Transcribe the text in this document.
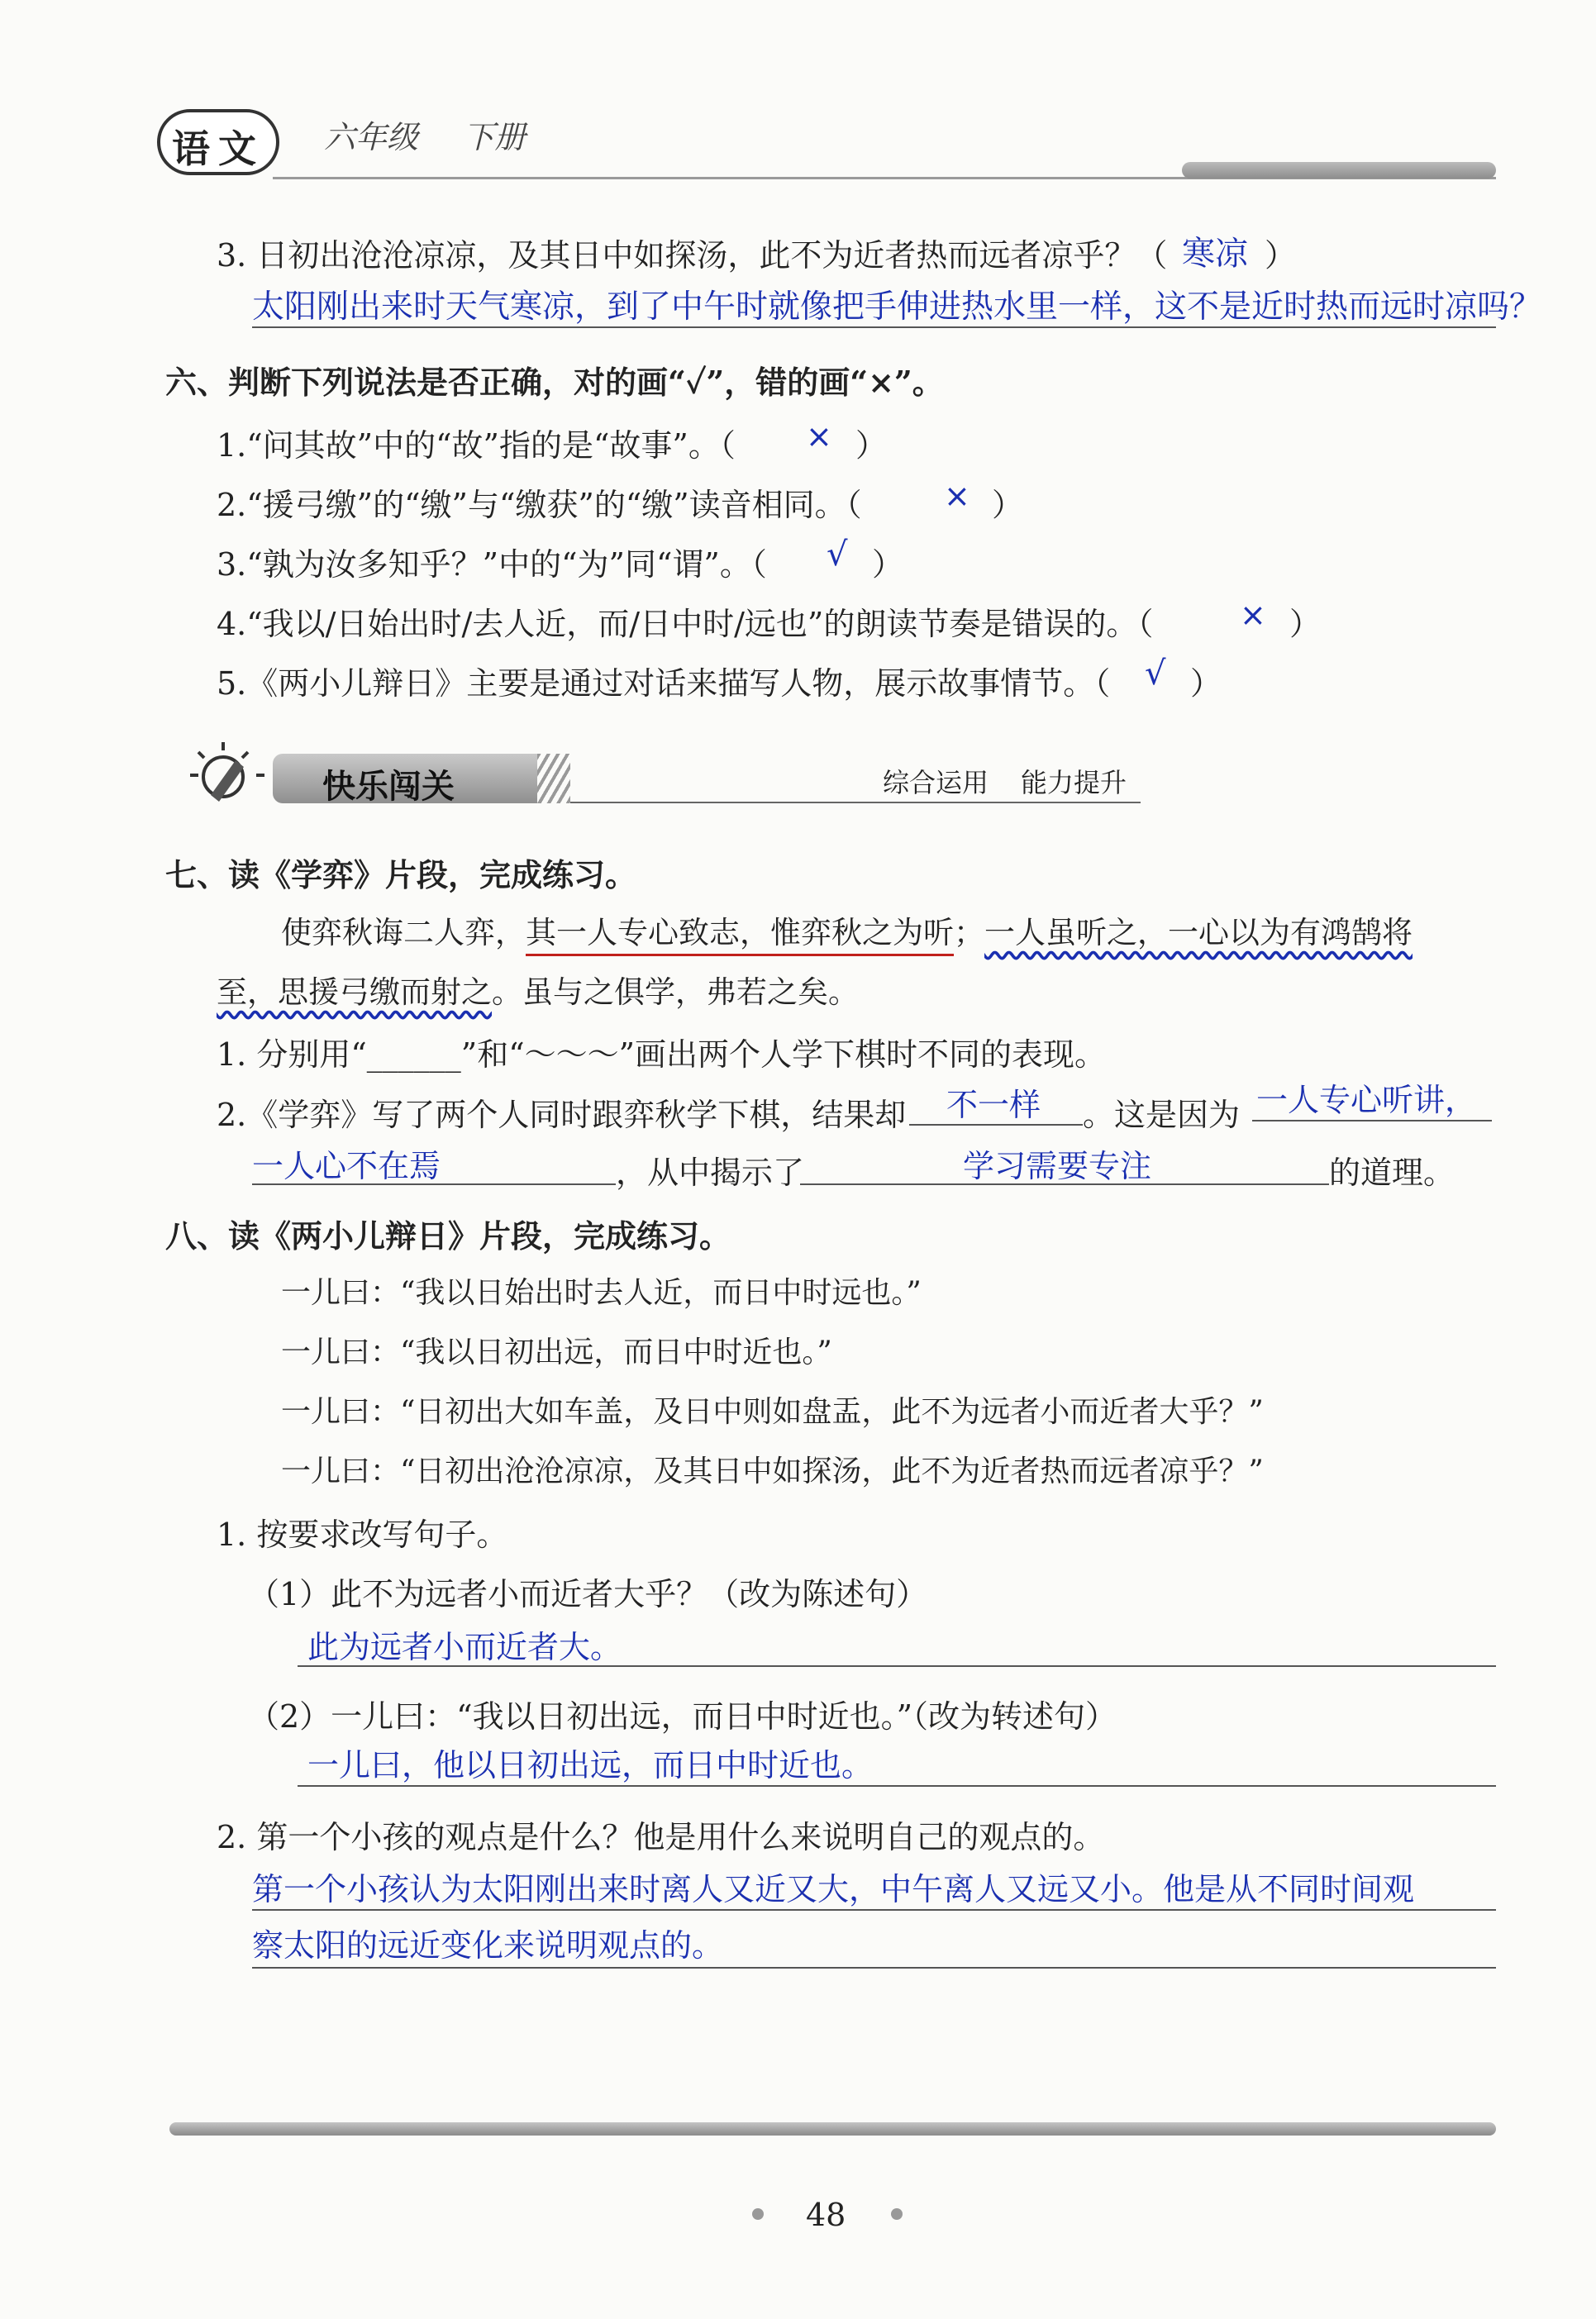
语 文 六年级 下册
3. 日初出沧沧凉凉，及其日中如探汤，此不为近者热而远者凉乎？（ 寒凉 ）
太阳刚出来时天气寒凉，到了中午时就像把手伸进热水里一样，这不是近时热而远时凉吗？
六、判断下列说法是否正确，对的画“✓”，错的画“×”。
1.“问其故”中的“故”指的是“故事”。（ × ）
2.“援弓缴”的“缴”与“缴获”的“缴”读音相同。（	× ）
3.“孰为汝多知乎？”中的“为”同“谓”。（ √ ）
4.“我以/日始出时/去人近，而/日中时/远也”的朗读节奏是错误的。（	× ）
5.《两小儿辩日》主要是通过对话来描写人物，展示故事情节。（ √ ）
快乐闯关	综合运用 能力提升
七、读《学弈》片段，完成练习。
使弈秋诲二人弈，其一人专心致志，惟弈秋之为听；一人虽听之，一心以为有鸿鹄将
至，思援弓缴而射之。虽与之俱学，弗若之矣。
1. 分别用“______”和“～～～”画出两个人学下棋时不同的表现。
2.《学弈》写了两个人同时跟弈秋学下棋，结果却 不一样 。这是因为 一人专心听讲，
一人心不在焉	，从中揭示了	学习需要专注	的道理。
八、读《两小儿辩日》片段，完成练习。
一儿曰：“我以日始出时去人近，而日中时远也。”
一儿曰：“我以日初出远，而日中时近也。”
一儿曰：“日初出大如车盖，及日中则如盘盂，此不为远者小而近者大乎？”
一儿曰：“日初出沧沧凉凉，及其日中如探汤，此不为近者热而远者凉乎？”
1. 按要求改写句子。
（1）此不为远者小而近者大乎？（改为陈述句）
此为远者小而近者大。
（2）一儿曰：“我以日初出远，而日中时近也。”（改为转述句）
一儿曰，他以日初出远，而日中时近也。
2. 第一个小孩的观点是什么？他是用什么来说明自己的观点的。
第一个小孩认为太阳刚出来时离人又近又大，中午离人又远又小。他是从不同时间观
察太阳的远近变化来说明观点的。
48
